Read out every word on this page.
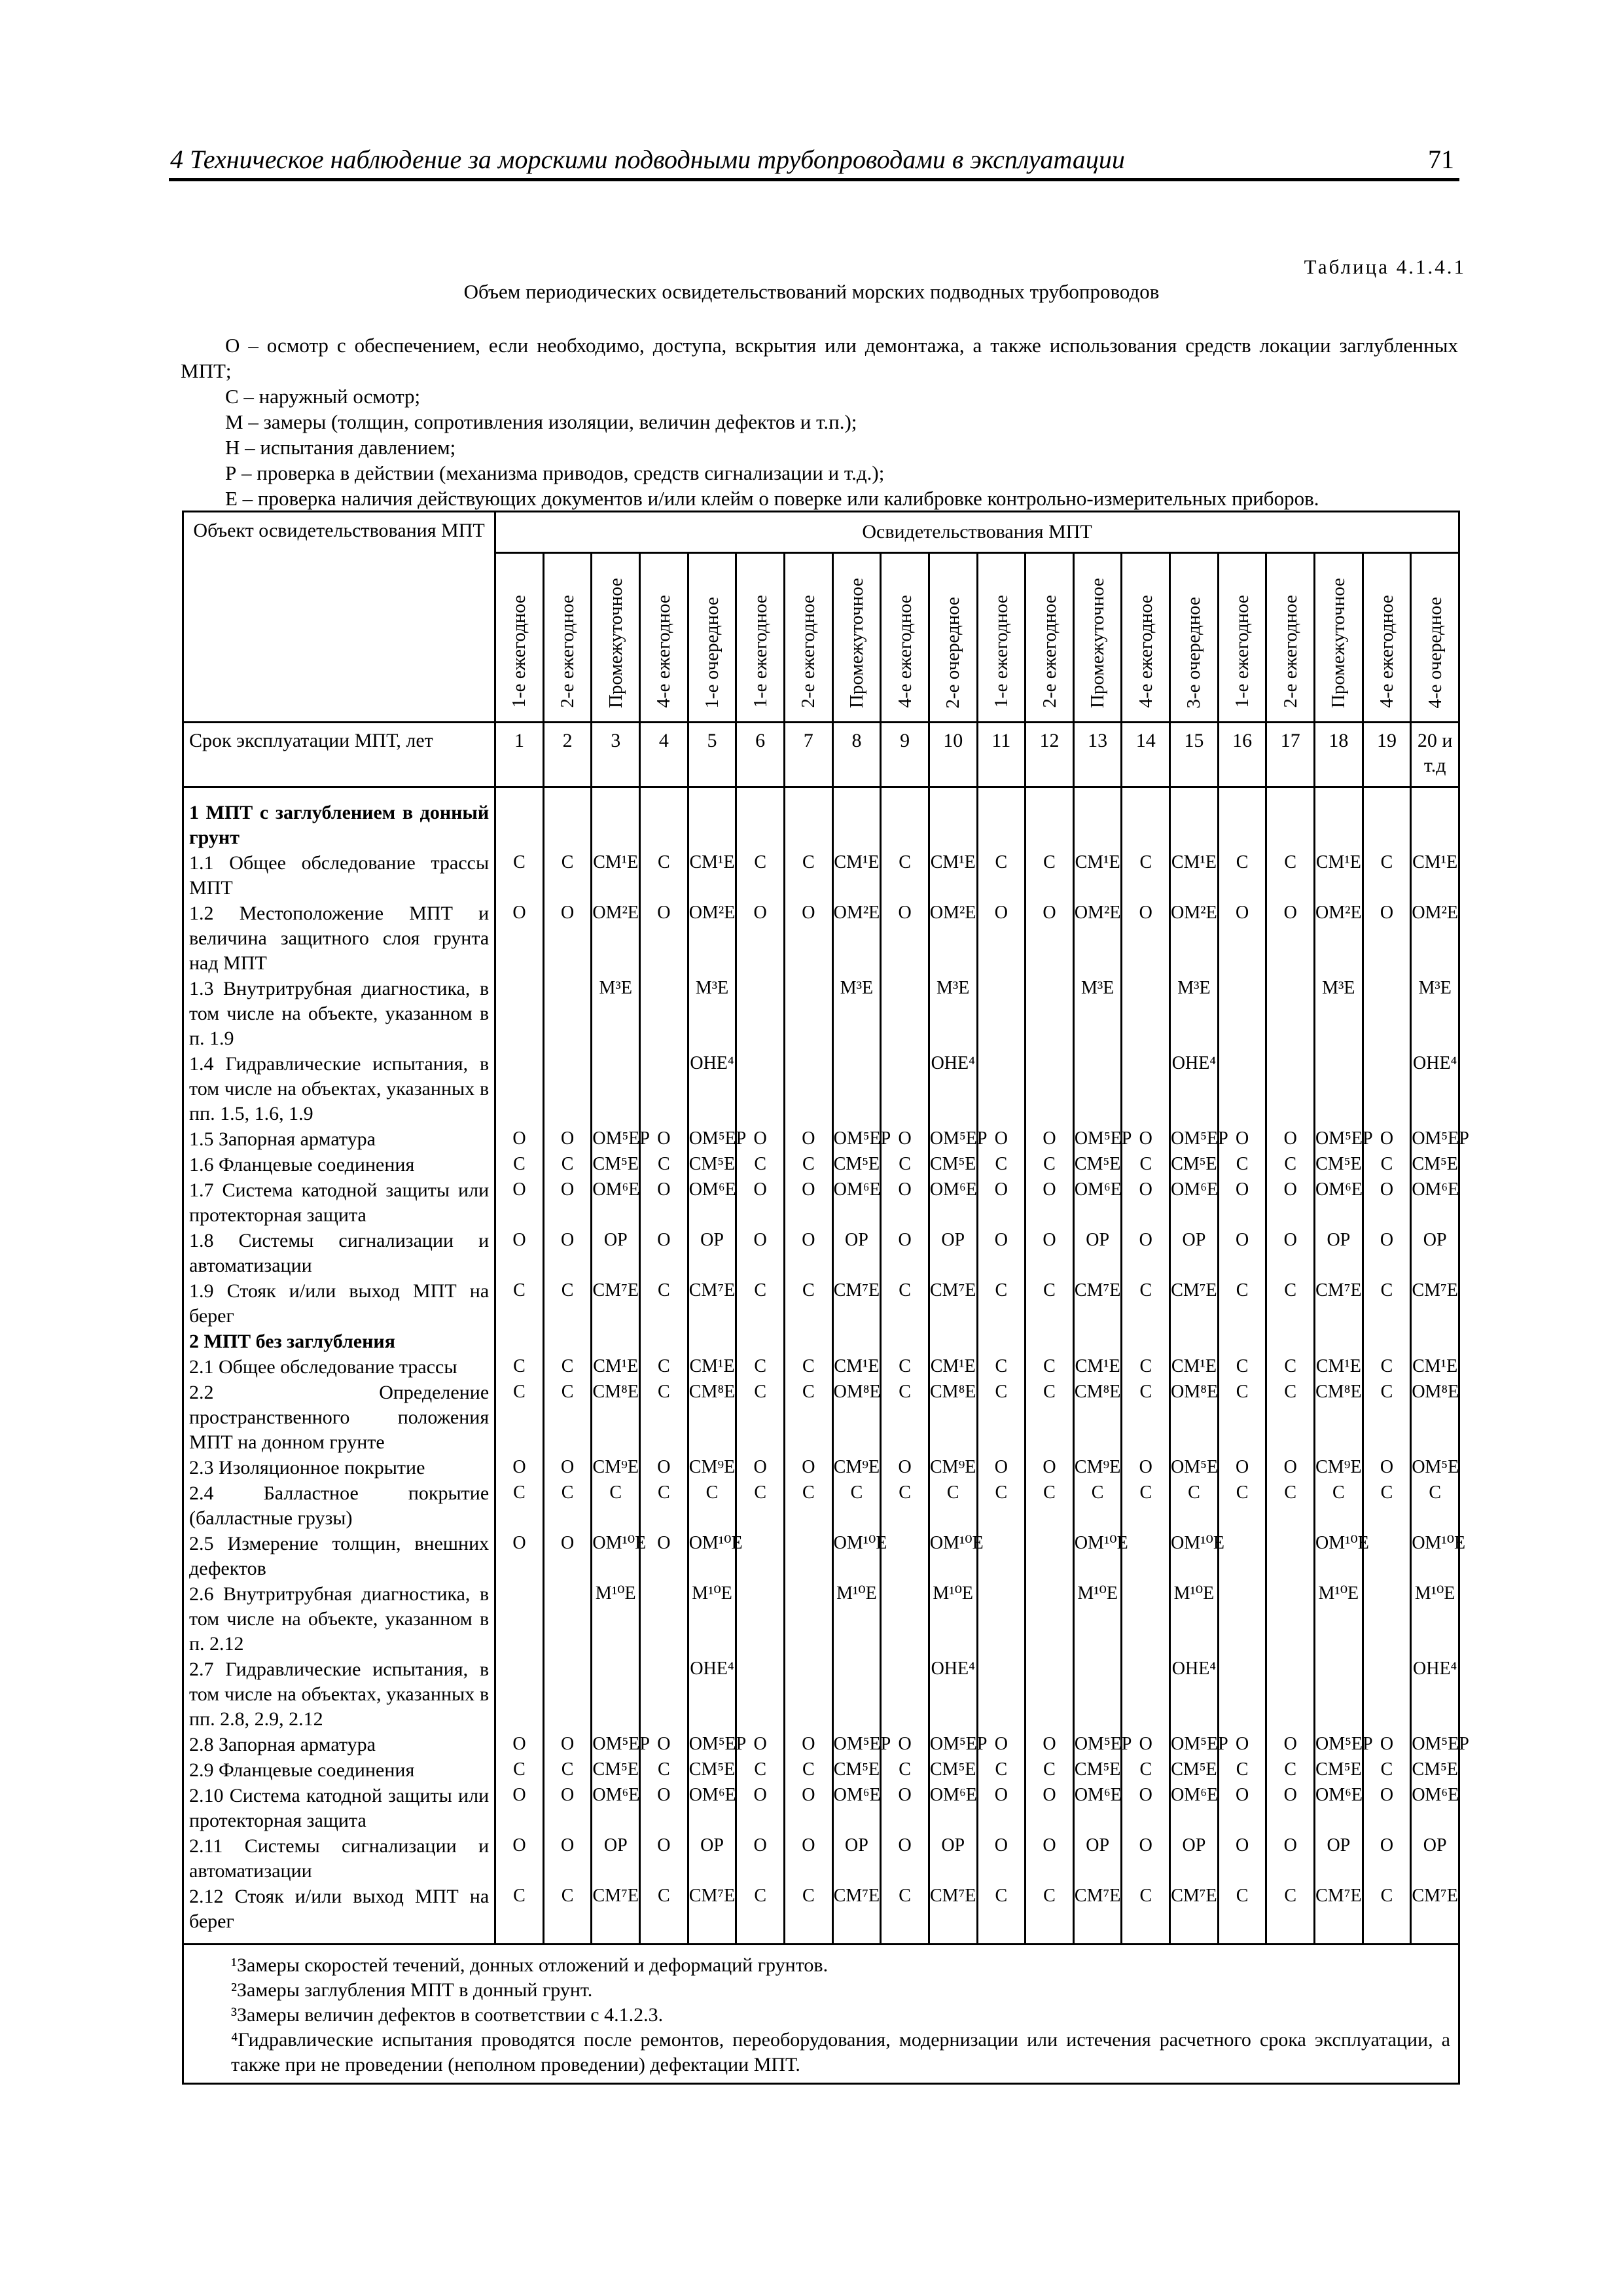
4 Техническое наблюдение за морскими подводными трубопроводами в эксплуатации	71
Таблица 4.1.4.1
Объем периодических освидетельствований морских подводных трубопроводов

О – осмотр с обеспечением, если необходимо, доступа, вскрытия или демонтажа, а также использования средств локации заглубленных МПТ;

С – наружный осмотр;

М – замеры (толщин, сопротивления изоляции, величин дефектов и т.п.);

Н – испытания давлением;

Р – проверка в действии (механизма приводов, средств сигнализации и т.д.);

Е – проверка наличия действующих документов и/или клейм о поверке или калибровке контрольно-измерительных приборов.

Объект освидетельствования МПТ	Освидетельствования МПТ																			
	1-е ежегодное	2-е ежегодное	Промежуточное	4-е ежегодное	1-е очередное	1-е ежегодное	2-е ежегодное	Промежуточное	4-е ежегодное	2-е очередное	1-е ежегодное	2-е ежегодное	Промежуточное	4-е ежегодное	3-е очередное	1-е ежегодное	2-е ежегодное	Промежуточное	4-е ежегодное	4-е очередное
Срок эксплуатации МПТ, лет	1	2	3	4	5	6	7	8	9	10	11	12	13	14	15	16	17	18	19	20 и т.д

1 МПТ с заглублением в донный грунт																				
1.1 Общее обследование трассы МПТ	С	С	СМ¹Е	С	СМ¹Е	С	С	СМ¹Е	С	СМ¹Е	С	С	СМ¹Е	С	СМ¹Е	С	С	СМ¹Е	С	СМ¹Е
1.2 Местоположение МПТ и величина защитного слоя грунта над МПТ	О	О	ОМ²Е	О	ОМ²Е	О	О	ОМ²Е	О	ОМ²Е	О	О	ОМ²Е	О	ОМ²Е	О	О	ОМ²Е	О	ОМ²Е
1.3 Внутритрубная диагностика, в том числе на объекте, указанном в п. 1.9			М³Е		М³Е			М³Е		М³Е			М³Е		М³Е			М³Е		М³Е
1.4 Гидравлические испытания, в том числе на объектах, указанных в пп. 1.5, 1.6, 1.9					ОНЕ⁴					ОНЕ⁴					ОНЕ⁴					ОНЕ⁴
1.5 Запорная арматура	О	О	ОМ⁵ЕР	О	ОМ⁵ЕР	О	О	ОМ⁵ЕР	О	ОМ⁵ЕР	О	О	ОМ⁵ЕР	О	ОМ⁵ЕР	О	О	ОМ⁵ЕР	О	ОМ⁵ЕР
1.6 Фланцевые соединения	С	С	СМ⁵Е	С	СМ⁵Е	С	С	СМ⁵Е	С	СМ⁵Е	С	С	СМ⁵Е	С	СМ⁵Е	С	С	СМ⁵Е	С	СМ⁵Е
1.7 Система катодной защиты или протекторная защита	О	О	ОМ⁶Е	О	ОМ⁶Е	О	О	ОМ⁶Е	О	ОМ⁶Е	О	О	ОМ⁶Е	О	ОМ⁶Е	О	О	ОМ⁶Е	О	ОМ⁶Е
1.8 Системы сигнализации и автоматизации	О	О	ОР	О	ОР	О	О	ОР	О	ОР	О	О	ОР	О	ОР	О	О	ОР	О	ОР
1.9 Стояк и/или выход МПТ на берег	С	С	СМ⁷Е	С	СМ⁷Е	С	С	СМ⁷Е	С	СМ⁷Е	С	С	СМ⁷Е	С	СМ⁷Е	С	С	СМ⁷Е	С	СМ⁷Е
2 МПТ без заглубления																				
2.1 Общее обследование трассы	С	С	СМ¹Е	С	СМ¹Е	С	С	СМ¹Е	С	СМ¹Е	С	С	СМ¹Е	С	СМ¹Е	С	С	СМ¹Е	С	СМ¹Е
2.2 Определение пространственного положения МПТ на донном грунте	С	С	СМ⁸Е	С	СМ⁸Е	С	С	ОМ⁸Е	С	СМ⁸Е	С	С	СМ⁸Е	С	ОМ⁸Е	С	С	СМ⁸Е	С	ОМ⁸Е
2.3 Изоляционное покрытие	О	О	СМ⁹Е	О	СМ⁹Е	О	О	СМ⁹Е	О	СМ⁹Е	О	О	СМ⁹Е	О	ОМ⁵Е	О	О	СМ⁹Е	О	ОМ⁵Е
2.4 Балластное покрытие (балластные грузы)	С	С	С	С	С	С	С	С	С	С	С	С	С	С	С	С	С	С	С	С
2.5 Измерение толщин, внешних дефектов	О	О	ОМ¹⁰Е	О	ОМ¹⁰Е			ОМ¹⁰Е		ОМ¹⁰Е			ОМ¹⁰Е		ОМ¹⁰Е			ОМ¹⁰Е		ОМ¹⁰Е
2.6 Внутритрубная диагностика, в том числе на объекте, указанном в п. 2.12			М¹⁰Е		М¹⁰Е			М¹⁰Е		М¹⁰Е			М¹⁰Е		М¹⁰Е			М¹⁰Е		М¹⁰Е
2.7 Гидравлические испытания, в том числе на объектах, указанных в пп. 2.8, 2.9, 2.12					ОНЕ⁴					ОНЕ⁴					ОНЕ⁴					ОНЕ⁴
2.8 Запорная арматура	О	О	ОМ⁵ЕР	О	ОМ⁵ЕР	О	О	ОМ⁵ЕР	О	ОМ⁵ЕР	О	О	ОМ⁵ЕР	О	ОМ⁵ЕР	О	О	ОМ⁵ЕР	О	ОМ⁵ЕР
2.9 Фланцевые соединения	С	С	СМ⁵Е	С	СМ⁵Е	С	С	СМ⁵Е	С	СМ⁵Е	С	С	СМ⁵Е	С	СМ⁵Е	С	С	СМ⁵Е	С	СМ⁵Е
2.10 Система катодной защиты или протекторная защита	О	О	ОМ⁶Е	О	ОМ⁶Е	О	О	ОМ⁶Е	О	ОМ⁶Е	О	О	ОМ⁶Е	О	ОМ⁶Е	О	О	ОМ⁶Е	О	ОМ⁶Е
2.11 Системы сигнализации и автоматизации	О	О	ОР	О	ОР	О	О	ОР	О	ОР	О	О	ОР	О	ОР	О	О	ОР	О	ОР
2.12 Стояк и/или выход МПТ на берег	С	С	СМ⁷Е	С	СМ⁷Е	С	С	СМ⁷Е	С	СМ⁷Е	С	С	СМ⁷Е	С	СМ⁷Е	С	С	СМ⁷Е	С	СМ⁷Е

¹Замеры скоростей течений, донных отложений и деформаций грунтов.

²Замеры заглубления МПТ в донный грунт.

³Замеры величин дефектов в соответствии с 4.1.2.3.

⁴Гидравлические испытания проводятся после ремонтов, переоборудования, модернизации или истечения расчетного срока эксплуатации, а также при не проведении (неполном проведении) дефектации МПТ.																				
